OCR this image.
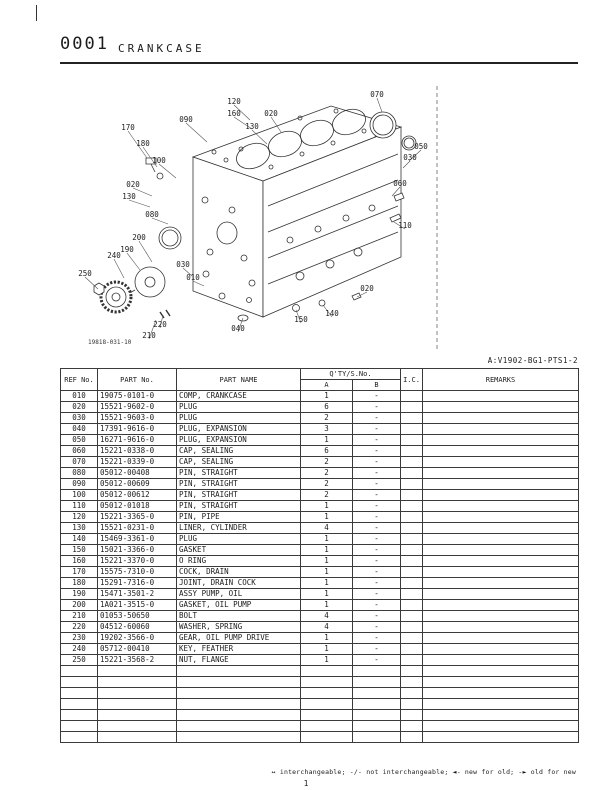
0001 CRANKCASE
090
120
160	020
130
070
050
030
060
110
020
170
180
100
020
130
080
200
190
240
250
030
010
220
210
040
150
140
19818-031-10
A:V1902-BG1-PTS1-2
REF No.	PART No.	PART NAME	Q'TY/S.No.		I.C.	REMARKS
			A	B		
010	19075-0101-0	COMP, CRANKCASE	1	-		
020	15521-9602-0	PLUG	6	-		
030	15521-9603-0	PLUG	2	-		
040	17391-9616-0	PLUG, EXPANSION	3	-		
050	16271-9616-0	PLUG, EXPANSION	1	-		
060	15221-0338-0	CAP, SEALING	6	-		
070	15221-0339-0	CAP, SEALING	2	-		
080	05012-00408	PIN, STRAIGHT	2	-		
090	05012-00609	PIN, STRAIGHT	2	-		
100	05012-00612	PIN, STRAIGHT	2	-		
110	05012-01018	PIN, STRAIGHT	1	-		
120	15221-3365-0	PIN, PIPE	1	-		
130	15521-0231-0	LINER, CYLINDER	4	-		
140	15469-3361-0	PLUG	1	-		
150	15021-3366-0	GASKET	1	-		
160	15221-3370-0	O RING	1	-		
170	15575-7310-0	COCK, DRAIN	1	-		
180	15291-7316-0	JOINT, DRAIN COCK	1	-		
190	15471-3501-2	ASSY PUMP, OIL	1	-		
200	1A021-3515-0	GASKET, OIL PUMP	1	-		
210	01053-50650	BOLT	4	-		
220	04512-60060	WASHER, SPRING	4	-		
230	19202-3566-0	GEAR, OIL PUMP DRIVE	1	-		
240	05712-00410	KEY, FEATHER	1	-		
250	15221-3568-2	NUT, FLANGE	1	-		

↔ interchangeable; -/- not interchangeable; ◄- new for old; -► old for new
1
